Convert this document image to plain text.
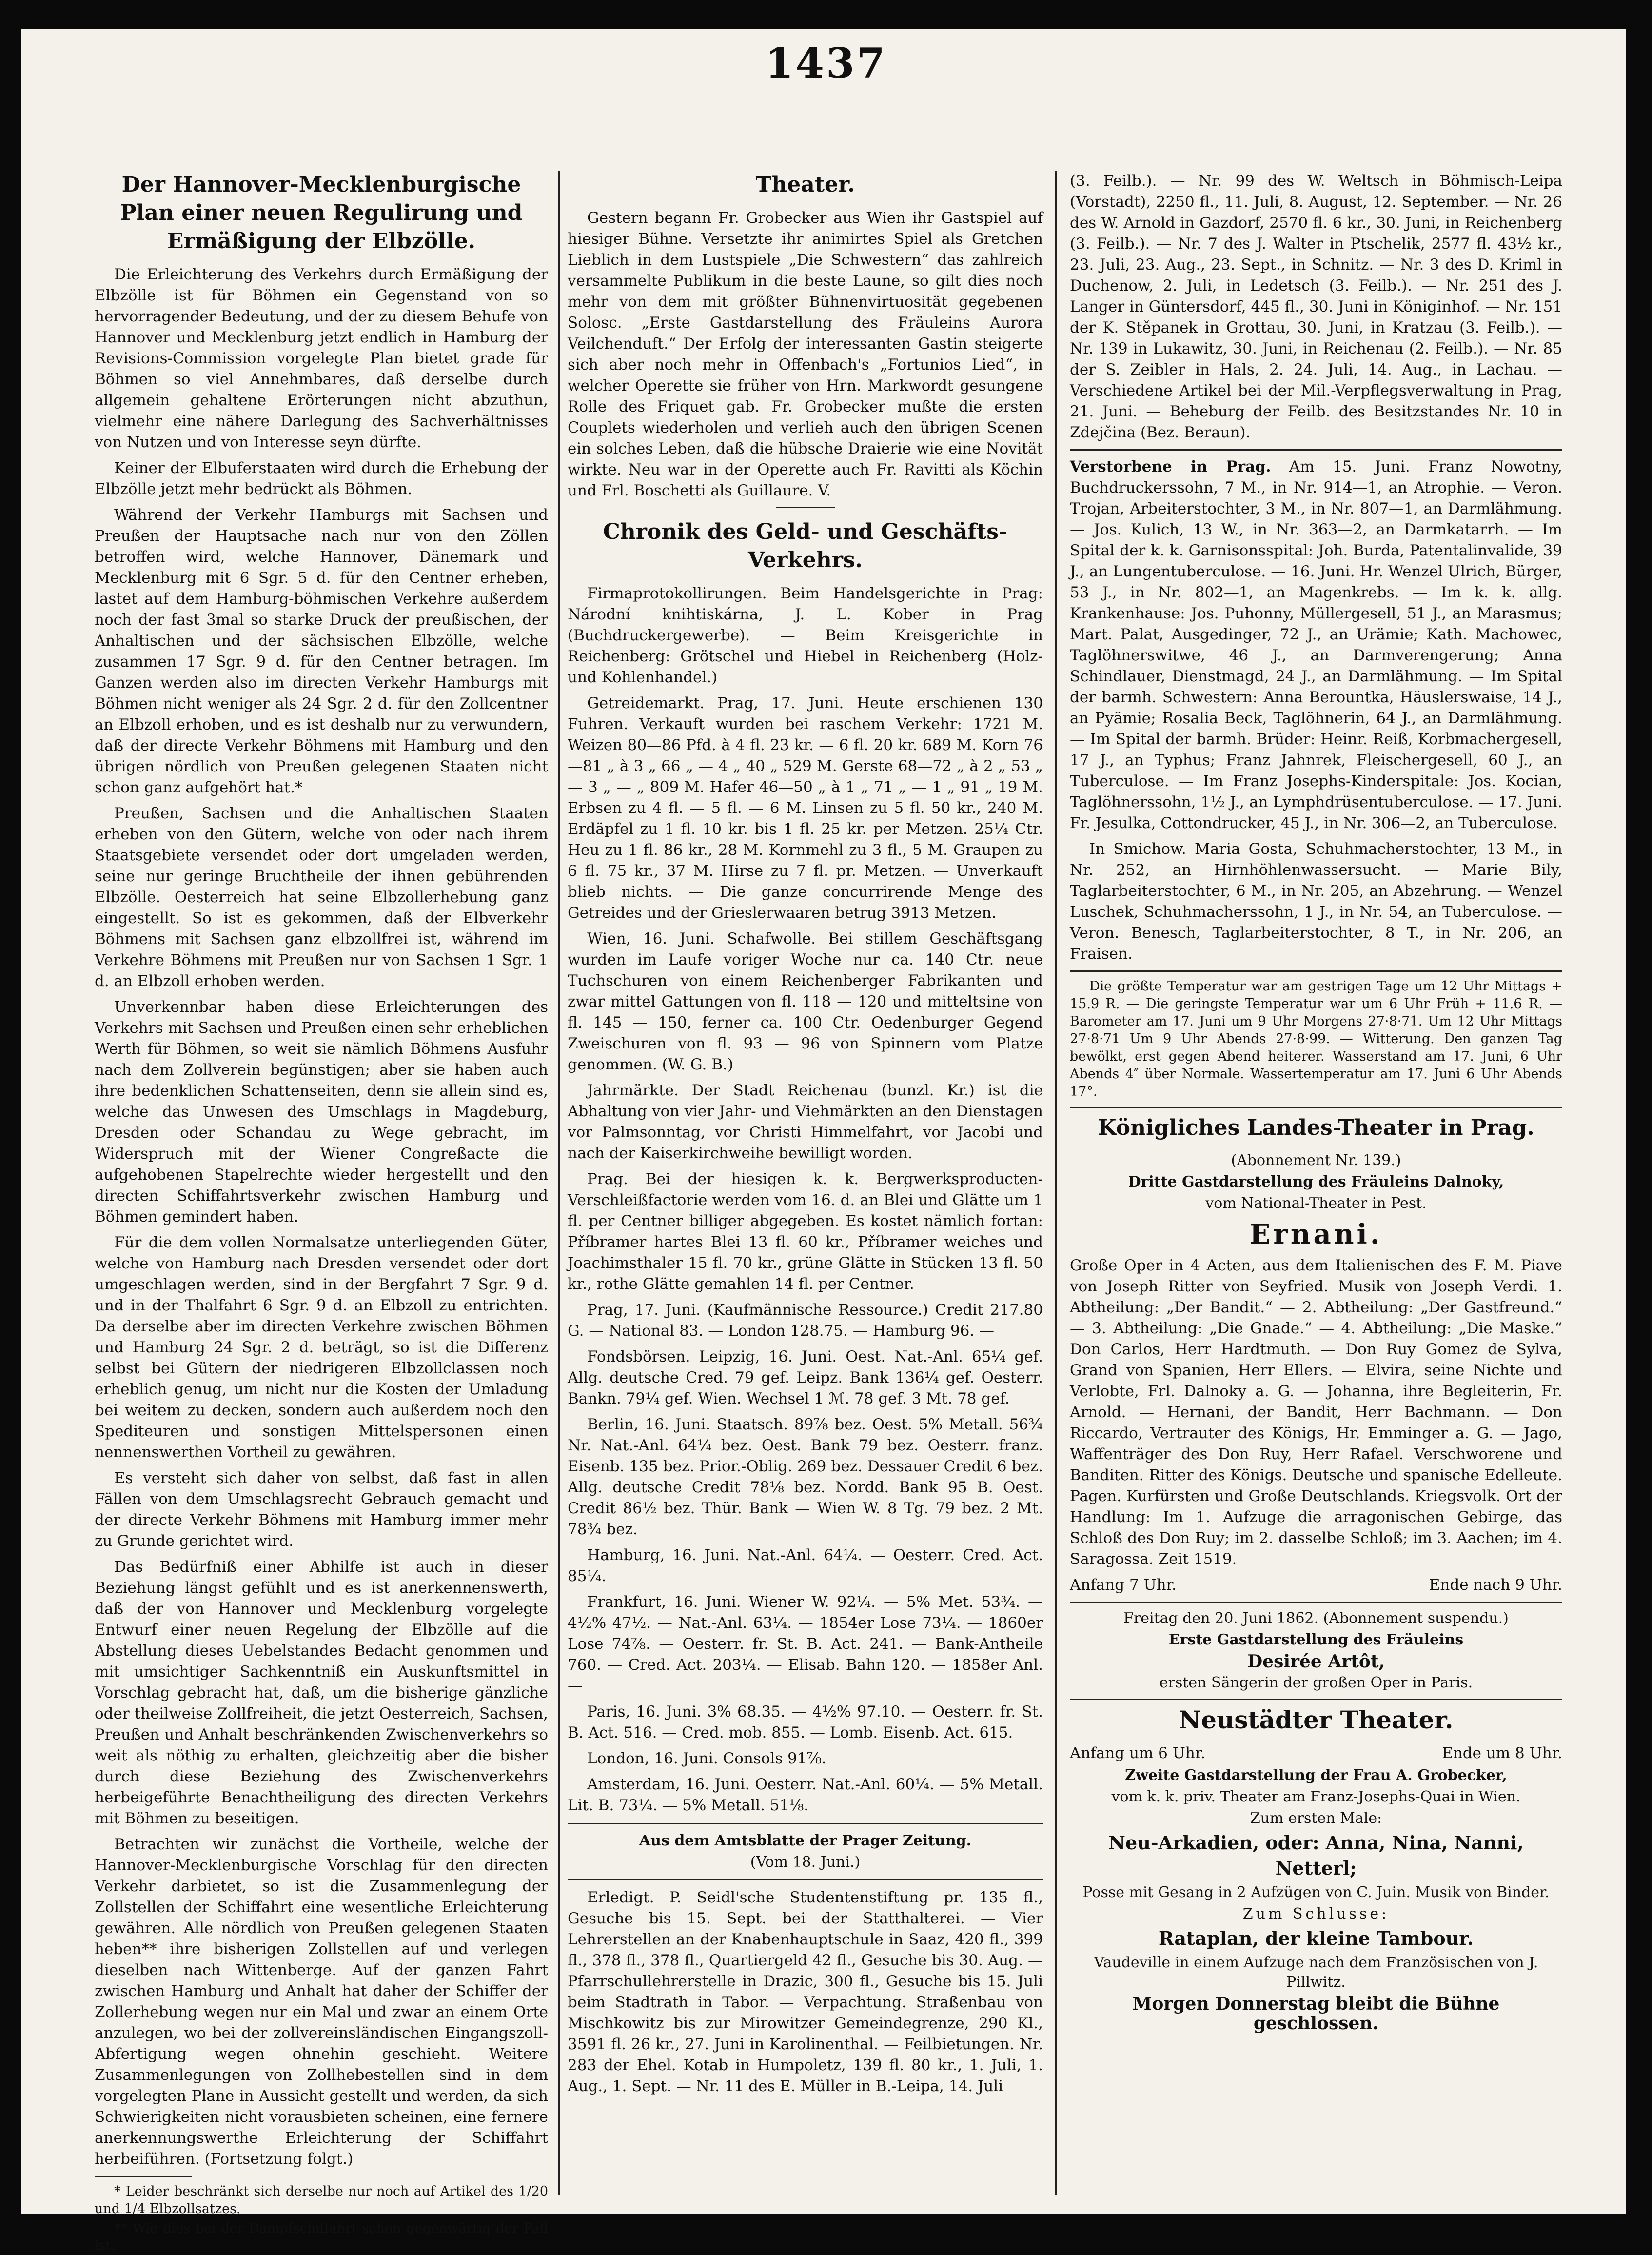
1437
Der Hannover-Mecklenburgische Plan einer neuen Regulirung und Ermäßigung der Elbzölle.

Die Erleichterung des Verkehrs durch Ermäßigung der Elbzölle ist für Böhmen ein Gegenstand von so hervorragender Bedeutung, und der zu diesem Behufe von Hannover und Mecklenburg jetzt endlich in Hamburg der Revisions-Commission vorgelegte Plan bietet grade für Böhmen so viel Annehmbares, daß derselbe durch allgemein gehaltene Erörterungen nicht abzuthun, vielmehr eine nähere Darlegung des Sachverhältnisses von Nutzen und von Interesse seyn dürfte.

Keiner der Elbuferstaaten wird durch die Erhebung der Elbzölle jetzt mehr bedrückt als Böhmen.

Während der Verkehr Hamburgs mit Sachsen und Preußen der Hauptsache nach nur von den Zöllen betroffen wird, welche Hannover, Dänemark und Mecklenburg mit 6 Sgr. 5 d. für den Centner erheben, lastet auf dem Hamburg-böhmischen Verkehre außerdem noch der fast 3mal so starke Druck der preußischen, der Anhaltischen und der sächsischen Elbzölle, welche zusammen 17 Sgr. 9 d. für den Centner betragen. Im Ganzen werden also im directen Verkehr Hamburgs mit Böhmen nicht weniger als 24 Sgr. 2 d. für den Zollcentner an Elbzoll erhoben, und es ist deshalb nur zu verwundern, daß der directe Verkehr Böhmens mit Hamburg und den übrigen nördlich von Preußen gelegenen Staaten nicht schon ganz aufgehört hat.*

Preußen, Sachsen und die Anhaltischen Staaten erheben von den Gütern, welche von oder nach ihrem Staatsgebiete versendet oder dort umgeladen werden, seine nur geringe Bruchtheile der ihnen gebührenden Elbzölle. Oesterreich hat seine Elbzollerhebung ganz eingestellt. So ist es gekommen, daß der Elbverkehr Böhmens mit Sachsen ganz elbzollfrei ist, während im Verkehre Böhmens mit Preußen nur von Sachsen 1 Sgr. 1 d. an Elbzoll erhoben werden.

Unverkennbar haben diese Erleichterungen des Verkehrs mit Sachsen und Preußen einen sehr erheblichen Werth für Böhmen, so weit sie nämlich Böhmens Ausfuhr nach dem Zollverein begünstigen; aber sie haben auch ihre bedenklichen Schattenseiten, denn sie allein sind es, welche das Unwesen des Umschlags in Magdeburg, Dresden oder Schandau zu Wege gebracht, im Widerspruch mit der Wiener Congreßacte die aufgehobenen Stapelrechte wieder hergestellt und den directen Schiffahrtsverkehr zwischen Hamburg und Böhmen gemindert haben.

Für die dem vollen Normalsatze unterliegenden Güter, welche von Hamburg nach Dresden versendet oder dort umgeschlagen werden, sind in der Bergfahrt 7 Sgr. 9 d. und in der Thalfahrt 6 Sgr. 9 d. an Elbzoll zu entrichten. Da derselbe aber im directen Verkehre zwischen Böhmen und Hamburg 24 Sgr. 2 d. beträgt, so ist die Differenz selbst bei Gütern der niedrigeren Elbzollclassen noch erheblich genug, um nicht nur die Kosten der Umladung bei weitem zu decken, sondern auch außerdem noch den Spediteuren und sonstigen Mittelspersonen einen nennenswerthen Vortheil zu gewähren.

Es versteht sich daher von selbst, daß fast in allen Fällen von dem Umschlagsrecht Gebrauch gemacht und der directe Verkehr Böhmens mit Hamburg immer mehr zu Grunde gerichtet wird.

Das Bedürfniß einer Abhilfe ist auch in dieser Beziehung längst gefühlt und es ist anerkennenswerth, daß der von Hannover und Mecklenburg vorgelegte Entwurf einer neuen Regelung der Elbzölle auf die Abstellung dieses Uebelstandes Bedacht genommen und mit umsichtiger Sachkenntniß ein Auskunftsmittel in Vorschlag gebracht hat, daß, um die bisherige gänzliche oder theilweise Zollfreiheit, die jetzt Oesterreich, Sachsen, Preußen und Anhalt beschränkenden Zwischenverkehrs so weit als nöthig zu erhalten, gleichzeitig aber die bisher durch diese Beziehung des Zwischenverkehrs herbeigeführte Benachtheiligung des directen Verkehrs mit Böhmen zu beseitigen.

Betrachten wir zunächst die Vortheile, welche der Hannover-Mecklenburgische Vorschlag für den directen Verkehr darbietet, so ist die Zusammenlegung der Zollstellen der Schiffahrt eine wesentliche Erleichterung gewähren. Alle nördlich von Preußen gelegenen Staaten heben** ihre bisherigen Zollstellen auf und verlegen dieselben nach Wittenberge. Auf der ganzen Fahrt zwischen Hamburg und Anhalt hat daher der Schiffer der Zollerhebung wegen nur ein Mal und zwar an einem Orte anzulegen, wo bei der zollvereinsländischen Eingangszoll-Abfertigung wegen ohnehin geschieht. Weitere Zusammenlegungen von Zollhebestellen sind in dem vorgelegten Plane in Aussicht gestellt und werden, da sich Schwierigkeiten nicht vorausbieten scheinen, eine fernere anerkennungswerthe Erleichterung der Schiffahrt herbeiführen. (Fortsetzung folgt.)

* Leider beschränkt sich derselbe nur noch auf Artikel des 1/20 und 1/4 Elbzollsatzes.

** Wie dies bei der Dampfschiffahrt schon gegenwärtig der Fall ist.

Theater.

Gestern begann Fr. Grobecker aus Wien ihr Gastspiel auf hiesiger Bühne. Versetzte ihr animirtes Spiel als Gretchen Lieblich in dem Lustspiele „Die Schwestern“ das zahlreich versammelte Publikum in die beste Laune, so gilt dies noch mehr von dem mit größter Bühnenvirtuosität gegebenen Solosc. „Erste Gastdarstellung des Fräuleins Aurora Veilchenduft.“ Der Erfolg der interessanten Gastin steigerte sich aber noch mehr in Offenbach's „Fortunios Lied“, in welcher Operette sie früher von Hrn. Markwordt gesungene Rolle des Friquet gab. Fr. Grobecker mußte die ersten Couplets wiederholen und verlieh auch den übrigen Scenen ein solches Leben, daß die hübsche Draierie wie eine Novität wirkte. Neu war in der Operette auch Fr. Ravitti als Köchin und Frl. Boschetti als Guillaure. V.

Chronik des Geld- und Geschäfts-Verkehrs.

Firmaprotokollirungen. Beim Handelsgerichte in Prag: Národní knihtiskárna, J. L. Kober in Prag (Buchdruckergewerbe). — Beim Kreisgerichte in Reichenberg: Grötschel und Hiebel in Reichenberg (Holz- und Kohlenhandel.)

Getreidemarkt. Prag, 17. Juni. Heute erschienen 130 Fuhren. Verkauft wurden bei raschem Verkehr: 1721 M. Weizen 80—86 Pfd. à 4 fl. 23 kr. — 6 fl. 20 kr. 689 M. Korn 76—81 „ à 3 „ 66 „ — 4 „ 40 „ 529 M. Gerste 68—72 „ à 2 „ 53 „ — 3 „ — „ 809 M. Hafer 46—50 „ à 1 „ 71 „ — 1 „ 91 „ 19 M. Erbsen zu 4 fl. — 5 fl. — 6 M. Linsen zu 5 fl. 50 kr., 240 M. Erdäpfel zu 1 fl. 10 kr. bis 1 fl. 25 kr. per Metzen. 25¼ Ctr. Heu zu 1 fl. 86 kr., 28 M. Kornmehl zu 3 fl., 5 M. Graupen zu 6 fl. 75 kr., 37 M. Hirse zu 7 fl. pr. Metzen. — Unverkauft blieb nichts. — Die ganze concurrirende Menge des Getreides und der Grieslerwaaren betrug 3913 Metzen.

Wien, 16. Juni. Schafwolle. Bei stillem Geschäftsgang wurden im Laufe voriger Woche nur ca. 140 Ctr. neue Tuchschuren von einem Reichenberger Fabrikanten und zwar mittel Gattungen von fl. 118 — 120 und mitteltsine von fl. 145 — 150, ferner ca. 100 Ctr. Oedenburger Gegend Zweischuren von fl. 93 — 96 von Spinnern vom Platze genommen. (W. G. B.)

Jahrmärkte. Der Stadt Reichenau (bunzl. Kr.) ist die Abhaltung von vier Jahr- und Viehmärkten an den Dienstagen vor Palmsonntag, vor Christi Himmelfahrt, vor Jacobi und nach der Kaiserkirchweihe bewilligt worden.

Prag. Bei der hiesigen k. k. Bergwerksproducten-Verschleißfactorie werden vom 16. d. an Blei und Glätte um 1 fl. per Centner billiger abgegeben. Es kostet nämlich fortan: Příbramer hartes Blei 13 fl. 60 kr., Příbramer weiches und Joachimsthaler 15 fl. 70 kr., grüne Glätte in Stücken 13 fl. 50 kr., rothe Glätte gemahlen 14 fl. per Centner.

Prag, 17. Juni. (Kaufmännische Ressource.) Credit 217.80 G. — National 83. — London 128.75. — Hamburg 96. —

Fondsbörsen. Leipzig, 16. Juni. Oest. Nat.-Anl. 65¼ gef. Allg. deutsche Cred. 79 gef. Leipz. Bank 136¼ gef. Oesterr. Bankn. 79¼ gef. Wien. Wechsel 1 ℳ. 78 gef. 3 Mt. 78 gef.

Berlin, 16. Juni. Staatsch. 89⅞ bez. Oest. 5% Metall. 56¾ Nr. Nat.-Anl. 64¼ bez. Oest. Bank 79 bez. Oesterr. franz. Eisenb. 135 bez. Prior.-Oblig. 269 bez. Dessauer Credit 6 bez. Allg. deutsche Credit 78⅛ bez. Nordd. Bank 95 B. Oest. Credit 86½ bez. Thür. Bank — Wien W. 8 Tg. 79 bez. 2 Mt. 78¾ bez.

Hamburg, 16. Juni. Nat.-Anl. 64¼. — Oesterr. Cred. Act. 85¼.

Frankfurt, 16. Juni. Wiener W. 92¼. — 5% Met. 53¾. — 4½% 47½. — Nat.-Anl. 63¼. — 1854er Lose 73¼. — 1860er Lose 74⅞. — Oesterr. fr. St. B. Act. 241. — Bank-Antheile 760. — Cred. Act. 203¼. — Elisab. Bahn 120. — 1858er Anl. —

Paris, 16. Juni. 3% 68.35. — 4½% 97.10. — Oesterr. fr. St. B. Act. 516. — Cred. mob. 855. — Lomb. Eisenb. Act. 615.

London, 16. Juni. Consols 91⅞.

Amsterdam, 16. Juni. Oesterr. Nat.-Anl. 60¼. — 5% Metall. Lit. B. 73¼. — 5% Metall. 51⅛.

Aus dem Amtsblatte der Prager Zeitung.
(Vom 18. Juni.)

Erledigt. P. Seidl'sche Studentenstiftung pr. 135 fl., Gesuche bis 15. Sept. bei der Statthalterei. — Vier Lehrerstellen an der Knabenhauptschule in Saaz, 420 fl., 399 fl., 378 fl., 378 fl., Quartiergeld 42 fl., Gesuche bis 30. Aug. — Pfarrschullehrerstelle in Drazic, 300 fl., Gesuche bis 15. Juli beim Stadtrath in Tabor. — Verpachtung. Straßenbau von Mischkowitz bis zur Mirowitzer Gemeindegrenze, 290 Kl., 3591 fl. 26 kr., 27. Juni in Karolinenthal. — Feilbietungen. Nr. 283 der Ehel. Kotab in Humpoletz, 139 fl. 80 kr., 1. Juli, 1. Aug., 1. Sept. — Nr. 11 des E. Müller in B.-Leipa, 14. Juli

(3. Feilb.). — Nr. 99 des W. Weltsch in Böhmisch-Leipa (Vorstadt), 2250 fl., 11. Juli, 8. August, 12. September. — Nr. 26 des W. Arnold in Gazdorf, 2570 fl. 6 kr., 30. Juni, in Reichenberg (3. Feilb.). — Nr. 7 des J. Walter in Ptschelik, 2577 fl. 43½ kr., 23. Juli, 23. Aug., 23. Sept., in Schnitz. — Nr. 3 des D. Kriml in Duchenow, 2. Juli, in Ledetsch (3. Feilb.). — Nr. 251 des J. Langer in Güntersdorf, 445 fl., 30. Juni in Königinhof. — Nr. 151 der K. Stěpanek in Grottau, 30. Juni, in Kratzau (3. Feilb.). — Nr. 139 in Lukawitz, 30. Juni, in Reichenau (2. Feilb.). — Nr. 85 der S. Zeibler in Hals, 2. 24. Juli, 14. Aug., in Lachau. — Verschiedene Artikel bei der Mil.-Verpflegsverwaltung in Prag, 21. Juni. — Beheburg der Feilb. des Besitzstandes Nr. 10 in Zdejčina (Bez. Beraun).

Verstorbene in Prag. Am 15. Juni. Franz Nowotny, Buchdruckerssohn, 7 M., in Nr. 914—1, an Atrophie. — Veron. Trojan, Arbeiterstochter, 3 M., in Nr. 807—1, an Darmlähmung. — Jos. Kulich, 13 W., in Nr. 363—2, an Darmkatarrh. — Im Spital der k. k. Garnisonsspital: Joh. Burda, Patentalinvalide, 39 J., an Lungentuberculose. — 16. Juni. Hr. Wenzel Ulrich, Bürger, 53 J., in Nr. 802—1, an Magenkrebs. — Im k. k. allg. Krankenhause: Jos. Puhonny, Müllergesell, 51 J., an Marasmus; Mart. Palat, Ausgedinger, 72 J., an Urämie; Kath. Machowec, Taglöhnerswitwe, 46 J., an Darmverengerung; Anna Schindlauer, Dienstmagd, 24 J., an Darmlähmung. — Im Spital der barmh. Schwestern: Anna Berountka, Häuslerswaise, 14 J., an Pyämie; Rosalia Beck, Taglöhnerin, 64 J., an Darmlähmung. — Im Spital der barmh. Brüder: Heinr. Reiß, Korbmachergesell, 17 J., an Typhus; Franz Jahnrek, Fleischergesell, 60 J., an Tuberculose. — Im Franz Josephs-Kinderspitale: Jos. Kocian, Taglöhnerssohn, 1½ J., an Lymphdrüsentuberculose. — 17. Juni. Fr. Jesulka, Cottondrucker, 45 J., in Nr. 306—2, an Tuberculose.

In Smichow. Maria Gosta, Schuhmacherstochter, 13 M., in Nr. 252, an Hirnhöhlenwassersucht. — Marie Bily, Taglarbeiterstochter, 6 M., in Nr. 205, an Abzehrung. — Wenzel Luschek, Schuhmacherssohn, 1 J., in Nr. 54, an Tuberculose. — Veron. Benesch, Taglarbeiterstochter, 8 T., in Nr. 206, an Fraisen.

Die größte Temperatur war am gestrigen Tage um 12 Uhr Mittags + 15.9 R. — Die geringste Temperatur war um 6 Uhr Früh + 11.6 R. — Barometer am 17. Juni um 9 Uhr Morgens 27·8·71. Um 12 Uhr Mittags 27·8·71 Um 9 Uhr Abends 27·8·99. — Witterung. Den ganzen Tag bewölkt, erst gegen Abend heiterer. Wasserstand am 17. Juni, 6 Uhr Abends 4″ über Normale. Wassertemperatur am 17. Juni 6 Uhr Abends 17°.

Königliches Landes-Theater in Prag.
(Abonnement Nr. 139.)
Dritte Gastdarstellung des Fräuleins Dalnoky,
vom National-Theater in Pest.
Ernani.

Große Oper in 4 Acten, aus dem Italienischen des F. M. Piave von Joseph Ritter von Seyfried. Musik von Joseph Verdi. 1. Abtheilung: „Der Bandit.“ — 2. Abtheilung: „Der Gastfreund.“ — 3. Abtheilung: „Die Gnade.“ — 4. Abtheilung: „Die Maske.“ Don Carlos, Herr Hardtmuth. — Don Ruy Gomez de Sylva, Grand von Spanien, Herr Ellers. — Elvira, seine Nichte und Verlobte, Frl. Dalnoky a. G. — Johanna, ihre Begleiterin, Fr. Arnold. — Hernani, der Bandit, Herr Bachmann. — Don Riccardo, Vertrauter des Königs, Hr. Emminger a. G. — Jago, Waffenträger des Don Ruy, Herr Rafael. Verschworene und Banditen. Ritter des Königs. Deutsche und spanische Edelleute. Pagen. Kurfürsten und Große Deutschlands. Kriegsvolk. Ort der Handlung: Im 1. Aufzuge die arragonischen Gebirge, das Schloß des Don Ruy; im 2. dasselbe Schloß; im 3. Aachen; im 4. Saragossa. Zeit 1519.

Anfang 7 Uhr.	Ende nach 9 Uhr.
Freitag den 20. Juni 1862. (Abonnement suspendu.)
Erste Gastdarstellung des Fräuleins
Desirée Artôt,
ersten Sängerin der großen Oper in Paris.
Neustädter Theater.
Anfang um 6 Uhr.	Ende um 8 Uhr.
Zweite Gastdarstellung der Frau A. Grobecker,
vom k. k. priv. Theater am Franz-Josephs-Quai in Wien.
Zum ersten Male:
Neu-Arkadien, oder: Anna, Nina, Nanni, Netterl;
Posse mit Gesang in 2 Aufzügen von C. Juin. Musik von Binder.
Zum Schlusse:
Rataplan, der kleine Tambour.
Vaudeville in einem Aufzuge nach dem Französischen von J. Pillwitz.
Morgen Donnerstag bleibt die Bühne geschlossen.
